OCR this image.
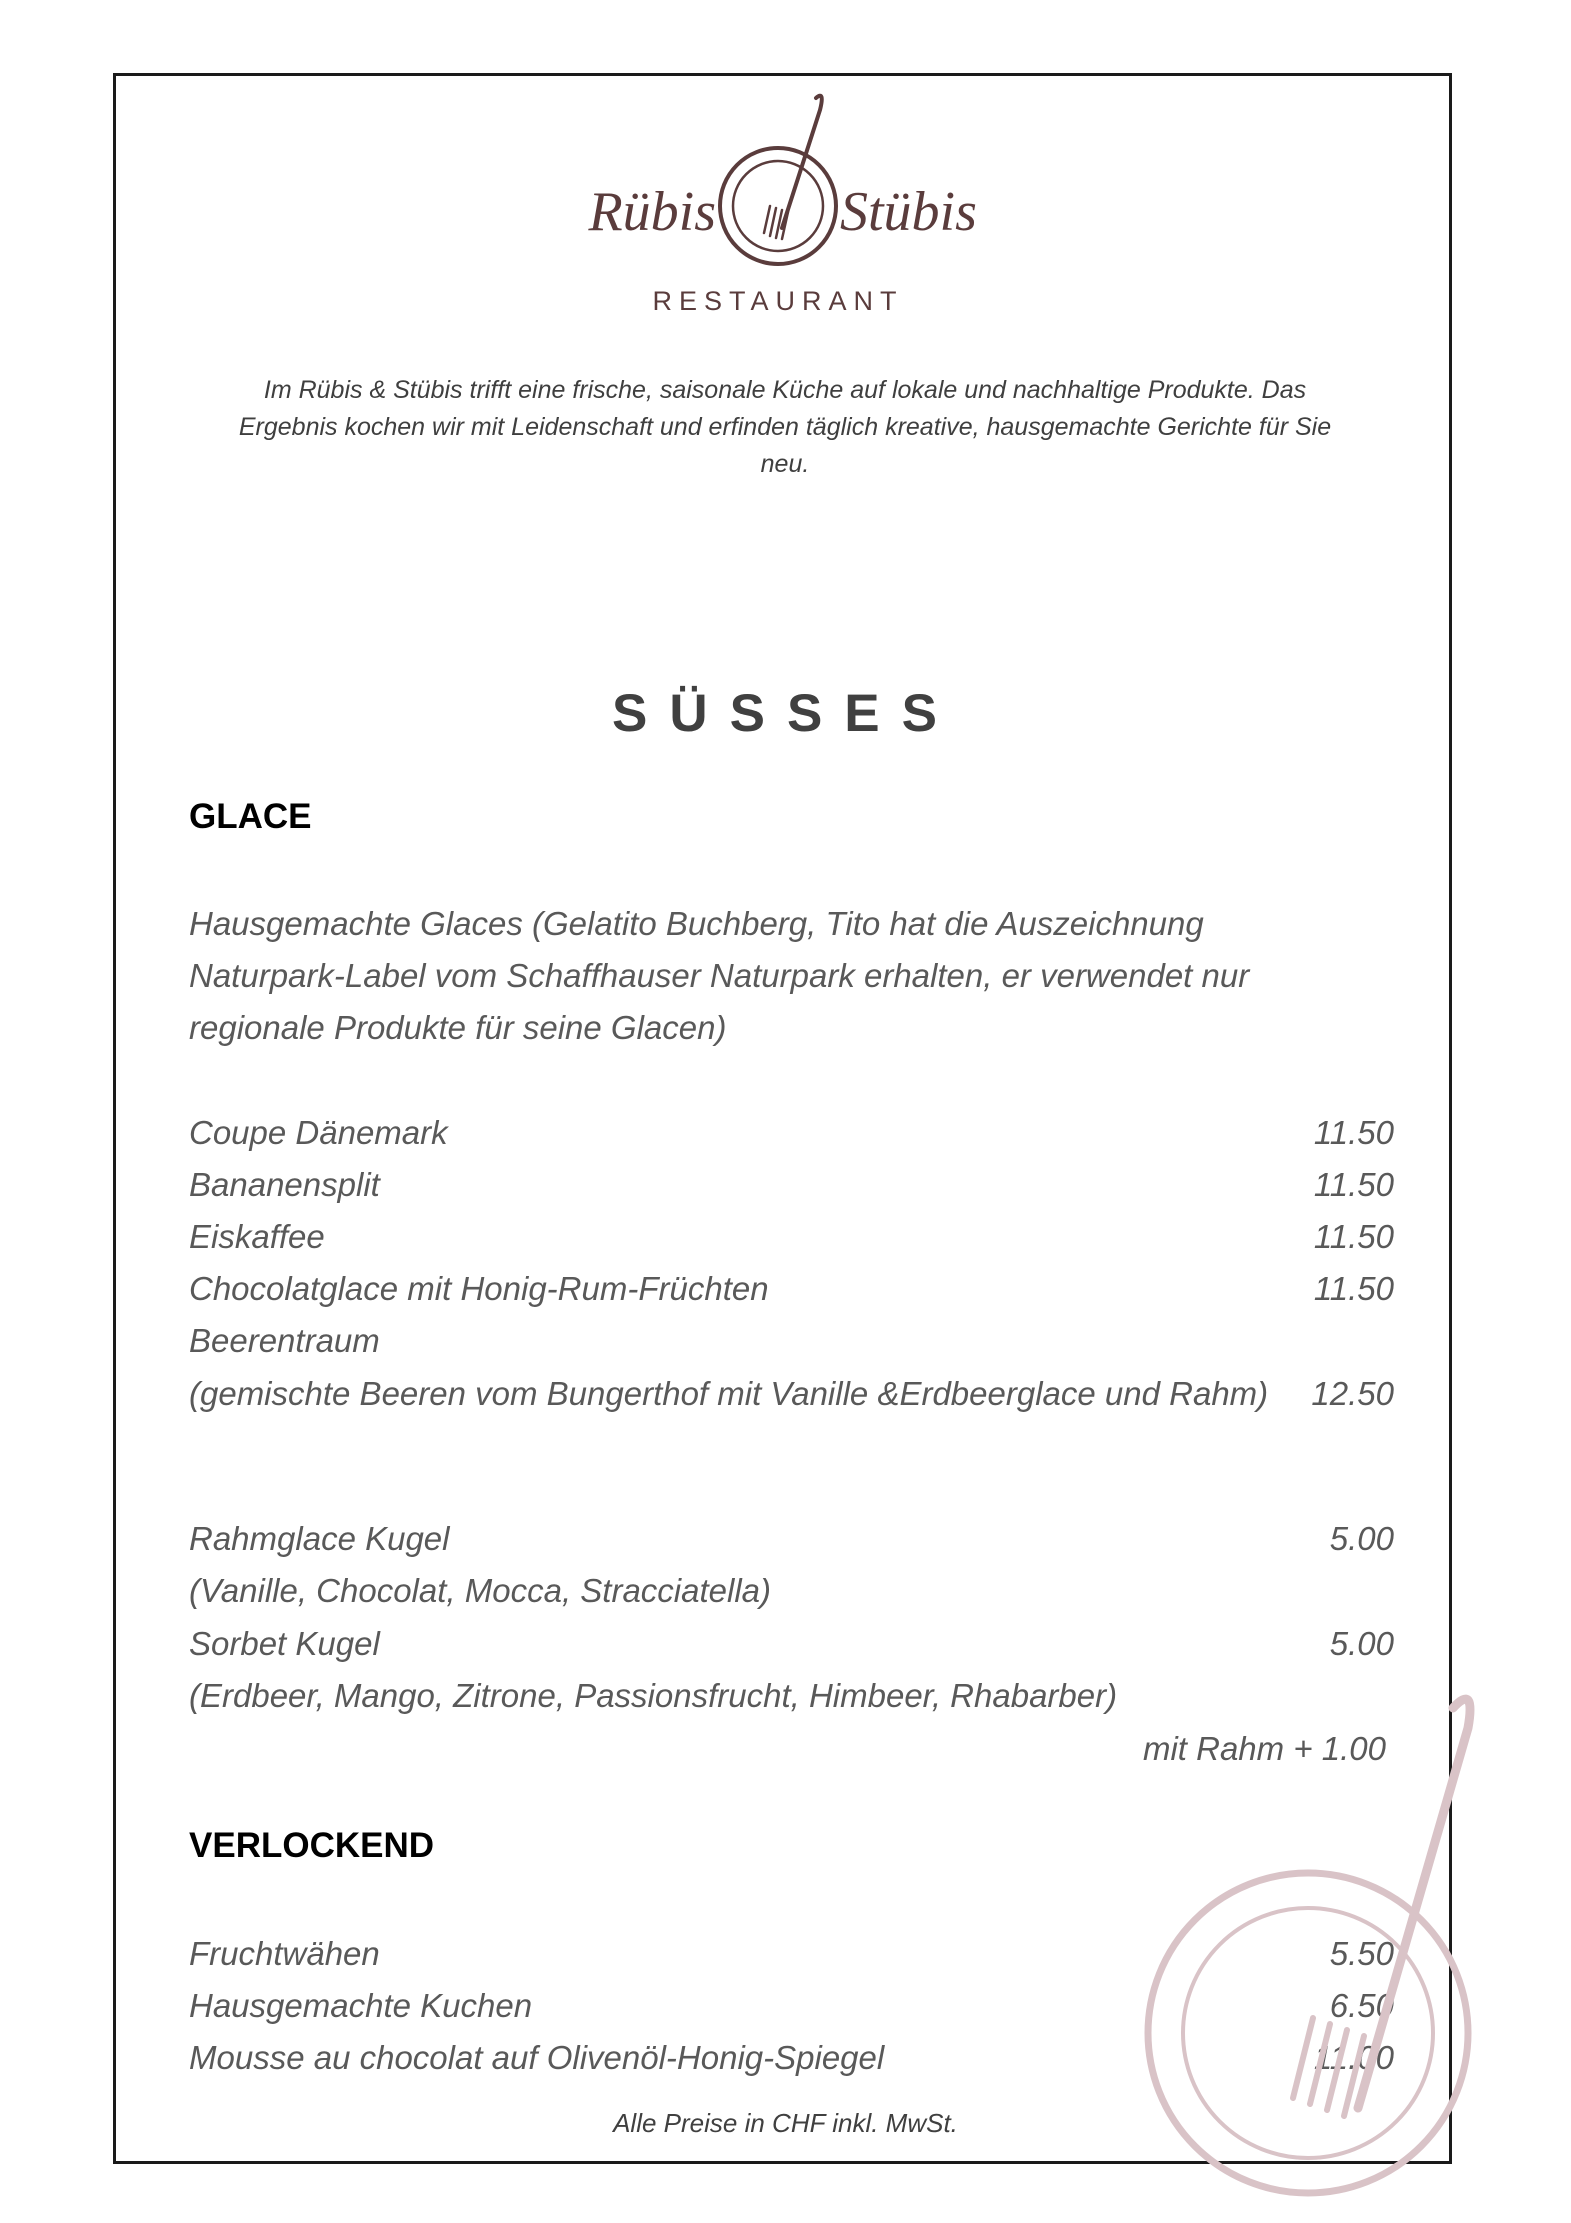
Rübis Stübis
RESTAURANT
Im Rübis & Stübis trifft eine frische, saisonale Küche auf lokale und nachhaltige Produkte. Das
Ergebnis kochen wir mit Leidenschaft und erfinden täglich kreative, hausgemachte Gerichte für Sie
neu.
SÜSSES
GLACE
Hausgemachte Glaces (Gelatito Buchberg, Tito hat die Auszeichnung
Naturpark-Label vom Schaffhauser Naturpark erhalten, er verwendet nur
regionale Produkte für seine Glacen)
Coupe Dänemark	11.50
Bananensplit	11.50
Eiskaffee	11.50
Chocolatglace mit Honig-Rum-Früchten	11.50
Beerentraum
(gemischte Beeren vom Bungerthof mit Vanille &Erdbeerglace und Rahm) 12.50
Rahmglace Kugel	5.00
(Vanille, Chocolat, Mocca, Stracciatella)
Sorbet Kugel	5.00
(Erdbeer, Mango, Zitrone, Passionsfrucht, Himbeer, Rhabarber)
mit Rahm + 1.00
VERLOCKEND
Fruchtwähen	5.50
Hausgemachte Kuchen	6.50
Mousse au chocolat auf Olivenöl-Honig-Spiegel	11.00
Alle Preise in CHF inkl. MwSt.
